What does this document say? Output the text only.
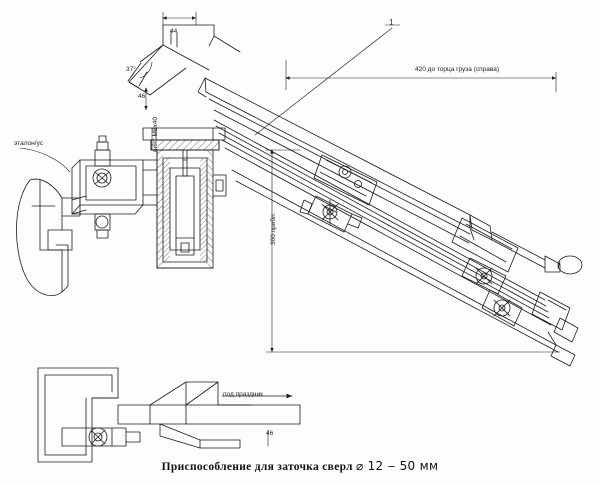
44
37°
46
1
420 до торца груза (справа)
300 прибл.
винт М8х40
эталон/ус
под праздник
46
Приспособление для заточка сверл ⌀ 12 ‒ 50 мм
